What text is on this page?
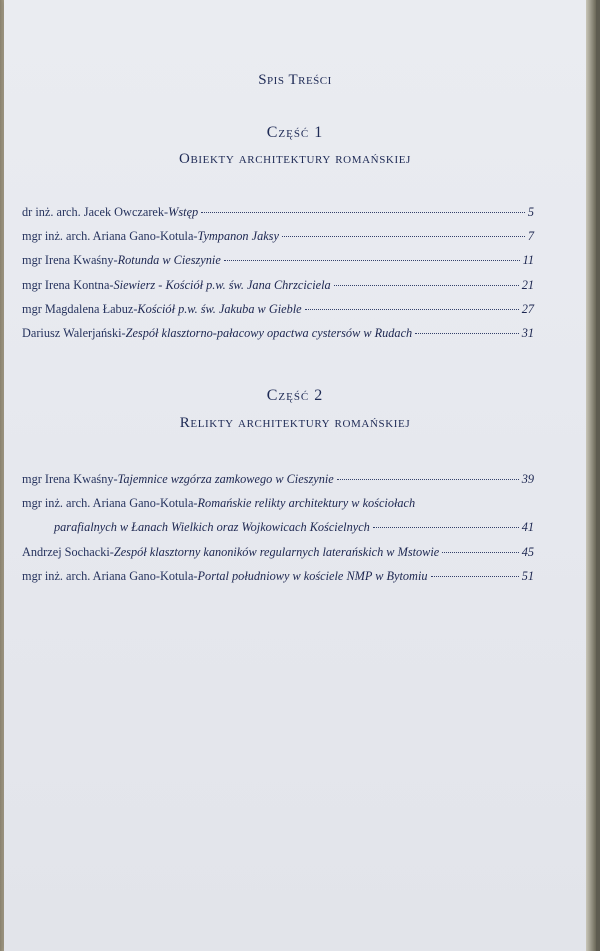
Spis Treści
Część 1
Obiekty architektury romańskiej
dr inż. arch. Jacek Owczarek - Wstęp	5
mgr inż. arch. Ariana Gano-Kotula - Tympanon Jaksy	7
mgr Irena Kwaśny - Rotunda w Cieszynie	11
mgr Irena Kontna - Siewierz - Kościół p.w. św. Jana Chrzciciela	21
mgr Magdalena Łabuz - Kościół p.w. św. Jakuba w Gieble	27
Dariusz Walerjański - Zespół klasztorno-pałacowy opactwa cystersów w Rudach	31
Część 2
Relikty architektury romańskiej
mgr Irena Kwaśny - Tajemnice wzgórza zamkowego w Cieszynie	39
mgr inż. arch. Ariana Gano-Kotula - Romańskie relikty architektury w kościołach
parafialnych w Łanach Wielkich oraz Wojkowicach Kościelnych	41
Andrzej Sochacki - Zespół klasztorny kanoników regularnych laterańskich w Mstowie	45
mgr inż. arch. Ariana Gano-Kotula - Portal południowy w kościele NMP w Bytomiu	51
